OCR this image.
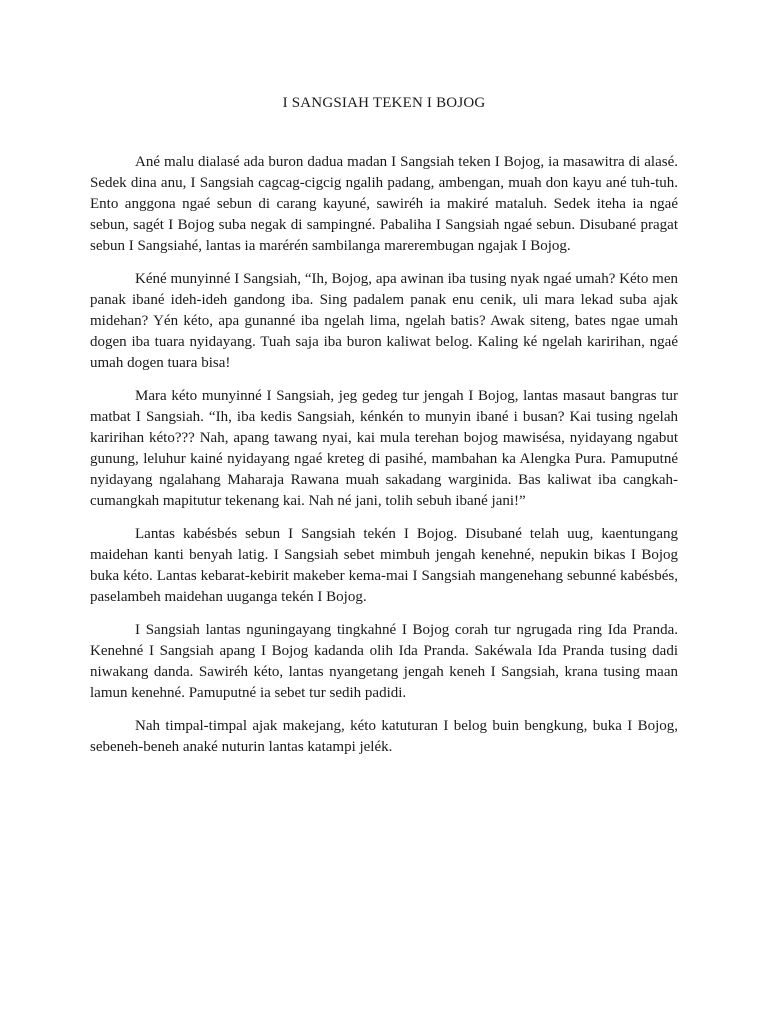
I SANGSIAH TEKEN I BOJOG

Ané malu dialasé ada buron dadua madan I Sangsiah teken I Bojog, ia masawitra di alasé. Sedek dina anu, I Sangsiah cagcag-cigcig ngalih padang, ambengan, muah don kayu ané tuh-tuh. Ento anggona ngaé sebun di carang kayuné, sawiréh ia makiré mataluh. Sedek iteha ia ngaé sebun, sagét I Bojog suba negak di sampingné. Pabaliha I Sangsiah ngaé sebun. Disubané pragat sebun I Sangsiahé, lantas ia marérén sambilanga marerembugan ngajak I Bojog.

Kéné munyinné I Sangsiah, “Ih, Bojog, apa awinan iba tusing nyak ngaé umah? Kéto men panak ibané ideh-ideh gandong iba. Sing padalem panak enu cenik, uli mara lekad suba ajak midehan? Yén kéto, apa gunanné iba ngelah lima, ngelah batis? Awak siteng, bates ngae umah dogen iba tuara nyidayang. Tuah saja iba buron kaliwat belog. Kaling ké ngelah karirihan, ngaé umah dogen tuara bisa!

Mara kéto munyinné I Sangsiah, jeg gedeg tur jengah I Bojog, lantas masaut bangras tur matbat I Sangsiah. “Ih, iba kedis Sangsiah, kénkén to munyin ibané i busan? Kai tusing ngelah karirihan kéto??? Nah, apang tawang nyai, kai mula terehan bojog mawisésa, nyidayang ngabut gunung, leluhur kainé nyidayang ngaé kreteg di pasihé, mambahan ka Alengka Pura. Pamuputné nyidayang ngalahang Maharaja Rawana muah sakadang warginida. Bas kaliwat iba cangkah-cumangkah mapitutur tekenang kai. Nah né jani, tolih sebuh ibané jani!”

Lantas kabésbés sebun I Sangsiah tekén I Bojog. Disubané telah uug, kaentungang maidehan kanti benyah latig. I Sangsiah sebet mimbuh jengah kenehné, nepukin bikas I Bojog buka kéto. Lantas kebarat-kebirit makeber kema-mai I Sangsiah mangenehang sebunné kabésbés, paselambeh maidehan uuganga tekén I Bojog.

I Sangsiah lantas nguningayang tingkahné I Bojog corah tur ngrugada ring Ida Pranda. Kenehné I Sangsiah apang I Bojog kadanda olih Ida Pranda. Sakéwala Ida Pranda tusing dadi niwakang danda. Sawiréh kéto, lantas nyangetang jengah keneh I Sangsiah, krana tusing maan lamun kenehné. Pamuputné ia sebet tur sedih padidi.

Nah timpal-timpal ajak makejang, kéto katuturan I belog buin bengkung, buka I Bojog, sebeneh-beneh anaké nuturin lantas katampi jelék.
